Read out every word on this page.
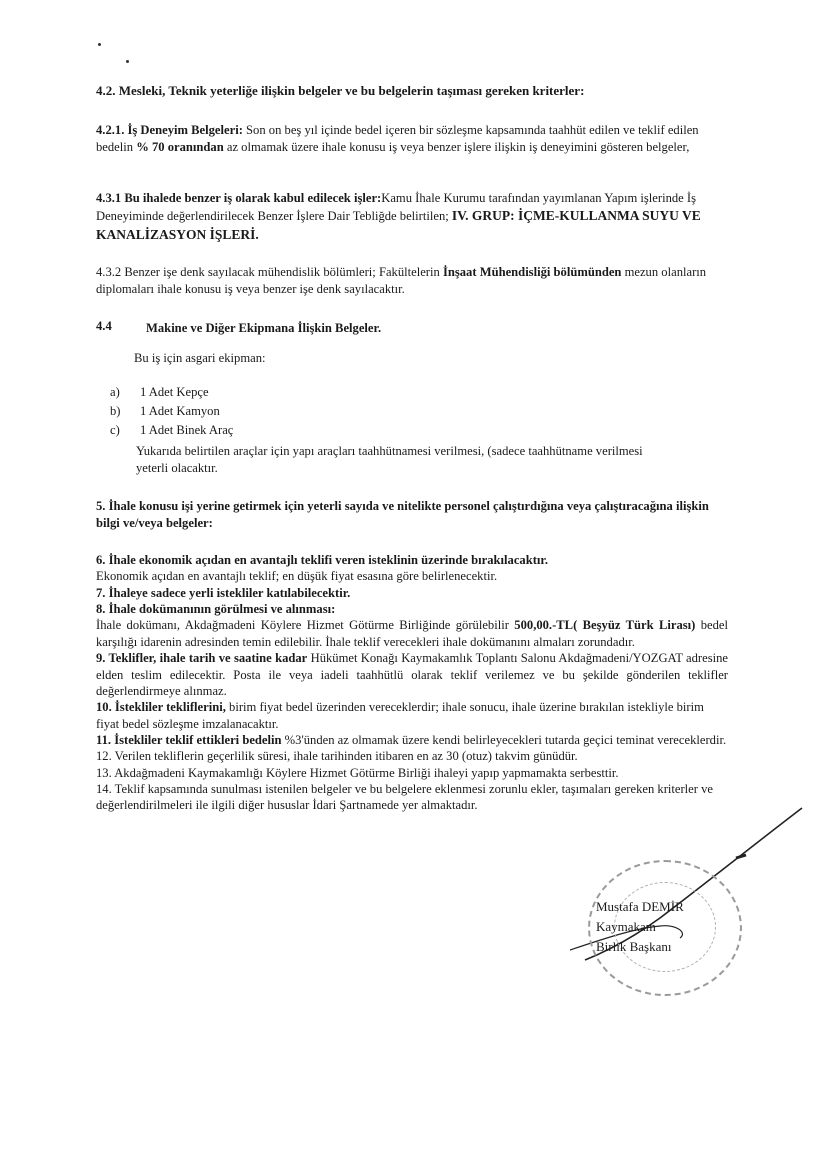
4.2. Mesleki, Teknik yeterliğe ilişkin belgeler ve bu belgelerin taşıması gereken kriterler:
4.2.1. İş Deneyim Belgeleri: Son on beş yıl içinde bedel içeren bir sözleşme kapsamında taahhüt edilen ve teklif edilen bedelin % 70 oranından az olmamak üzere ihale konusu iş veya benzer işlere ilişkin iş deneyimini gösteren belgeler,
4.3.1 Bu ihalede benzer iş olarak kabul edilecek işler:Kamu İhale Kurumu tarafından yayımlanan Yapım işlerinde İş Deneyiminde değerlendirilecek Benzer İşlere Dair Tebliğde belirtilen; IV. GRUP: İÇME-KULLANMA SUYU VE KANALİZASYON İŞLERİ.
4.3.2 Benzer işe denk sayılacak mühendislik bölümleri; Fakültelerin İnşaat Mühendisliği bölümünden mezun olanların diplomaları ihale konusu iş veya benzer işe denk sayılacaktır.
4.4	Makine ve Diğer Ekipmana İlişkin Belgeler.
Bu iş için asgari ekipman:
a)	1 Adet Kepçe
b)	1 Adet Kamyon
c)	1 Adet Binek Araç
Yukarıda belirtilen araçlar için yapı araçları taahhütnamesi verilmesi, (sadece taahhütname verilmesi yeterli olacaktır.
5. İhale konusu işi yerine getirmek için yeterli sayıda ve nitelikte personel çalıştırdığına veya çalıştıracağına ilişkin bilgi ve/veya belgeler:
6. İhale ekonomik açıdan en avantajlı teklifi veren isteklinin üzerinde bırakılacaktır.
Ekonomik açıdan en avantajlı teklif; en düşük fiyat esasına göre belirlenecektir.
7. İhaleye sadece yerli istekliler katılabilecektir.
8. İhale dokümanının görülmesi ve alınması:
İhale dokümanı, Akdağmadeni Köylere Hizmet Götürme Birliğinde görülebilir 500,00.-TL( Beşyüz Türk Lirası) bedel karşılığı idarenin adresinden temin edilebilir. İhale teklif verecekleri ihale dokümanını almaları zorundadır.
9. Teklifler, ihale tarih ve saatine kadar Hükümet Konağı Kaymakamlık Toplantı Salonu Akdağmadeni/YOZGAT adresine elden teslim edilecektir. Posta ile veya iadeli taahhütlü olarak teklif verilemez ve bu şekilde gönderilen teklifler değerlendirmeye alınmaz.
10. İstekliler tekliflerini, birim fiyat bedel üzerinden vereceklerdir; ihale sonucu, ihale üzerine bırakılan istekliyle birim fiyat bedel sözleşme imzalanacaktır.
11. İstekliler teklif ettikleri bedelin %3'ünden az olmamak üzere kendi belirleyecekleri tutarda geçici teminat vereceklerdir.
12. Verilen tekliflerin geçerlilik süresi, ihale tarihinden itibaren en az 30 (otuz) takvim günüdür.
13. Akdağmadeni Kaymakamlığı Köylere Hizmet Götürme Birliği ihaleyi yapıp yapmamakta serbesttir.
14. Teklif kapsamında sunulması istenilen belgeler ve bu belgelere eklenmesi zorunlu ekler, taşımaları gereken kriterler ve değerlendirilmeleri ile ilgili diğer hususlar İdari Şartnamede yer almaktadır.
Mustafa DEMİR
Kaymakam
Birlik Başkanı
